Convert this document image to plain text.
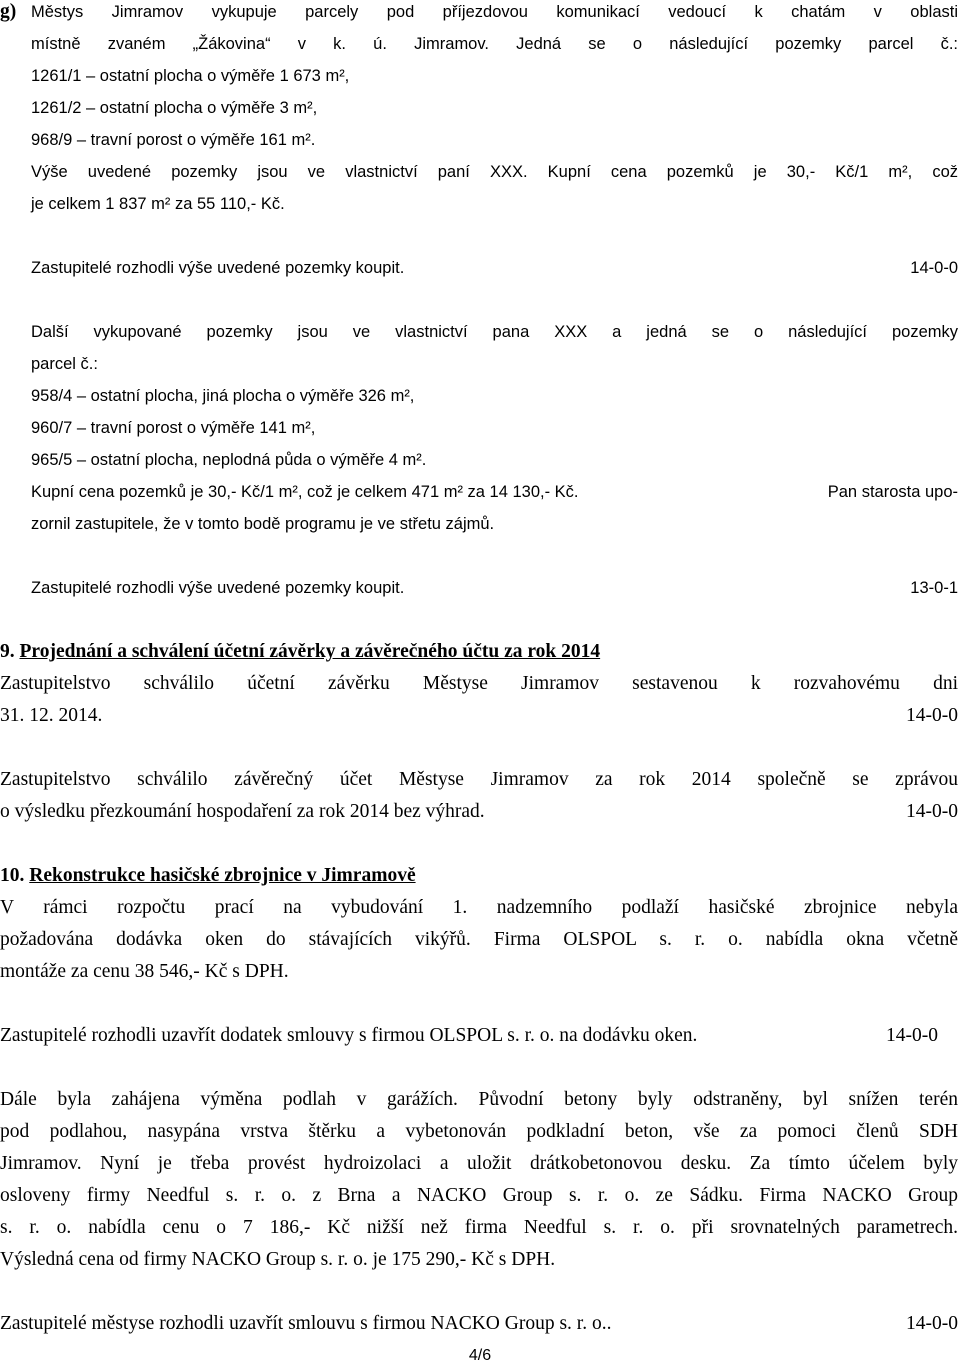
g) Městys Jimramov vykupuje parcely pod příjezdovou komunikací vedoucí k chatám v oblasti
místně zvaném „Žákovina“ v k. ú. Jimramov. Jedná se o následující pozemky parcel č.:
1261/1 – ostatní plocha o výměře 1 673 m²,
1261/2 – ostatní plocha o výměře 3 m²,
968/9 – travní porost o výměře 161 m².
Výše uvedené pozemky jsou ve vlastnictví paní XXX. Kupní cena pozemků je 30,- Kč/1 m², což
je celkem 1 837 m² za 55 110,- Kč.
Zastupitelé rozhodli výše uvedené pozemky koupit.	14-0-0
Další vykupované pozemky jsou ve vlastnictví pana XXX a jedná se o následující pozemky
parcel č.:
958/4 – ostatní plocha, jiná plocha o výměře 326 m²,
960/7 – travní porost o výměře 141 m²,
965/5 – ostatní plocha, neplodná půda o výměře 4 m².
Kupní cena pozemků je 30,- Kč/1 m², což je celkem 471 m² za 14 130,- Kč.	Pan starosta upo-
zornil zastupitele, že v tomto bodě programu je ve střetu zájmů.
Zastupitelé rozhodli výše uvedené pozemky koupit.	13-0-1
9. Projednání a schválení účetní závěrky a závěrečného účtu za rok 2014
Zastupitelstvo schválilo účetní závěrku Městyse Jimramov sestavenou k rozvahovému dni
31. 12. 2014.	14-0-0
Zastupitelstvo schválilo závěrečný účet Městyse Jimramov za rok 2014 společně se zprávou
o výsledku přezkoumání hospodaření za rok 2014 bez výhrad.	14-0-0
10. Rekonstrukce hasičské zbrojnice v Jimramově
V rámci rozpočtu prací na vybudování 1. nadzemního podlaží hasičské zbrojnice nebyla
požadována dodávka oken do stávajících vikýřů. Firma OLSPOL s. r. o. nabídla okna včetně
montáže za cenu 38 546,- Kč s DPH.
Zastupitelé rozhodli uzavřít dodatek smlouvy s firmou OLSPOL s. r. o. na dodávku oken.	14-0-0
Dále byla zahájena výměna podlah v garážích. Původní betony byly odstraněny, byl snížen terén
pod podlahou, nasypána vrstva štěrku a vybetonován podkladní beton, vše za pomoci členů SDH
Jimramov. Nyní je třeba provést hydroizolaci a uložit drátkobetonovou desku. Za tímto účelem byly
osloveny firmy Needful s. r. o. z Brna a NACKO Group s. r. o. ze Sádku. Firma NACKO Group
s. r. o. nabídla cenu o 7 186,- Kč nižší než firma Needful s. r. o. při srovnatelných parametrech.
Výsledná cena od firmy NACKO Group s. r. o. je 175 290,- Kč s DPH.
Zastupitelé městyse rozhodli uzavřít smlouvu s firmou NACKO Group s. r. o..	14-0-0
4/6
